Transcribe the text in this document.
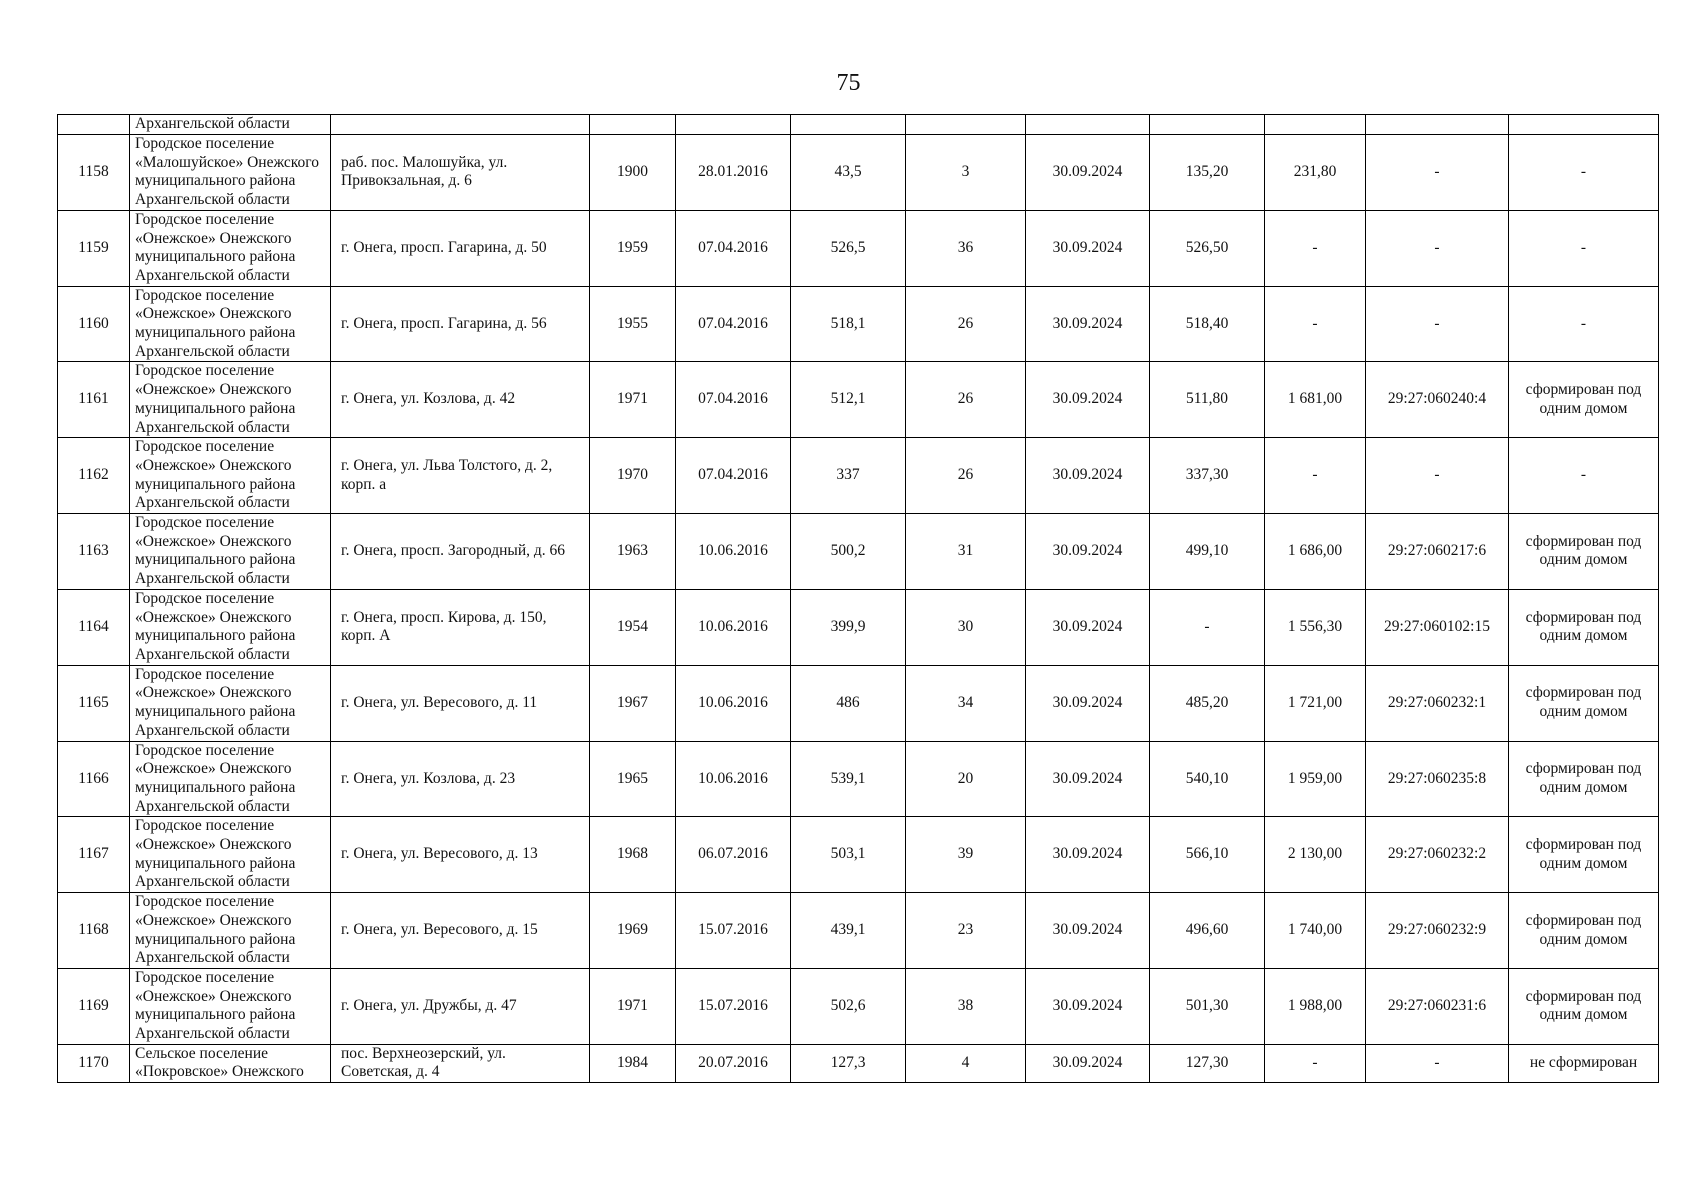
75
	Архангельской области										
1158	Городское поселение «Малошуйское» Онежского муниципального района Архангельской области	раб. пос. Малошуйка, ул. Привокзальная, д. 6	1900	28.01.2016	43,5	3	30.09.2024	135,20	231,80	-	-
1159	Городское поселение «Онежское» Онежского муниципального района Архангельской области	г. Онега, просп. Гагарина, д. 50	1959	07.04.2016	526,5	36	30.09.2024	526,50	-	-	-
1160	Городское поселение «Онежское» Онежского муниципального района Архангельской области	г. Онега, просп. Гагарина, д. 56	1955	07.04.2016	518,1	26	30.09.2024	518,40	-	-	-
1161	Городское поселение «Онежское» Онежского муниципального района Архангельской области	г. Онега, ул. Козлова, д. 42	1971	07.04.2016	512,1	26	30.09.2024	511,80	1 681,00	29:27:060240:4	сформирован под одним домом
1162	Городское поселение «Онежское» Онежского муниципального района Архангельской области	г. Онега, ул. Льва Толстого, д. 2, корп. а	1970	07.04.2016	337	26	30.09.2024	337,30	-	-	-
1163	Городское поселение «Онежское» Онежского муниципального района Архангельской области	г. Онега, просп. Загородный, д. 66	1963	10.06.2016	500,2	31	30.09.2024	499,10	1 686,00	29:27:060217:6	сформирован под одним домом
1164	Городское поселение «Онежское» Онежского муниципального района Архангельской области	г. Онега, просп. Кирова, д. 150, корп. А	1954	10.06.2016	399,9	30	30.09.2024	-	1 556,30	29:27:060102:15	сформирован под одним домом
1165	Городское поселение «Онежское» Онежского муниципального района Архангельской области	г. Онега, ул. Вересового, д. 11	1967	10.06.2016	486	34	30.09.2024	485,20	1 721,00	29:27:060232:1	сформирован под одним домом
1166	Городское поселение «Онежское» Онежского муниципального района Архангельской области	г. Онега, ул. Козлова, д. 23	1965	10.06.2016	539,1	20	30.09.2024	540,10	1 959,00	29:27:060235:8	сформирован под одним домом
1167	Городское поселение «Онежское» Онежского муниципального района Архангельской области	г. Онега, ул. Вересового, д. 13	1968	06.07.2016	503,1	39	30.09.2024	566,10	2 130,00	29:27:060232:2	сформирован под одним домом
1168	Городское поселение «Онежское» Онежского муниципального района Архангельской области	г. Онега, ул. Вересового, д. 15	1969	15.07.2016	439,1	23	30.09.2024	496,60	1 740,00	29:27:060232:9	сформирован под одним домом
1169	Городское поселение «Онежское» Онежского муниципального района Архангельской области	г. Онега, ул. Дружбы, д. 47	1971	15.07.2016	502,6	38	30.09.2024	501,30	1 988,00	29:27:060231:6	сформирован под одним домом
1170	Сельское поселение «Покровское» Онежского	пос. Верхнеозерский, ул. Советская, д. 4	1984	20.07.2016	127,3	4	30.09.2024	127,30	-	-	не сформирован
